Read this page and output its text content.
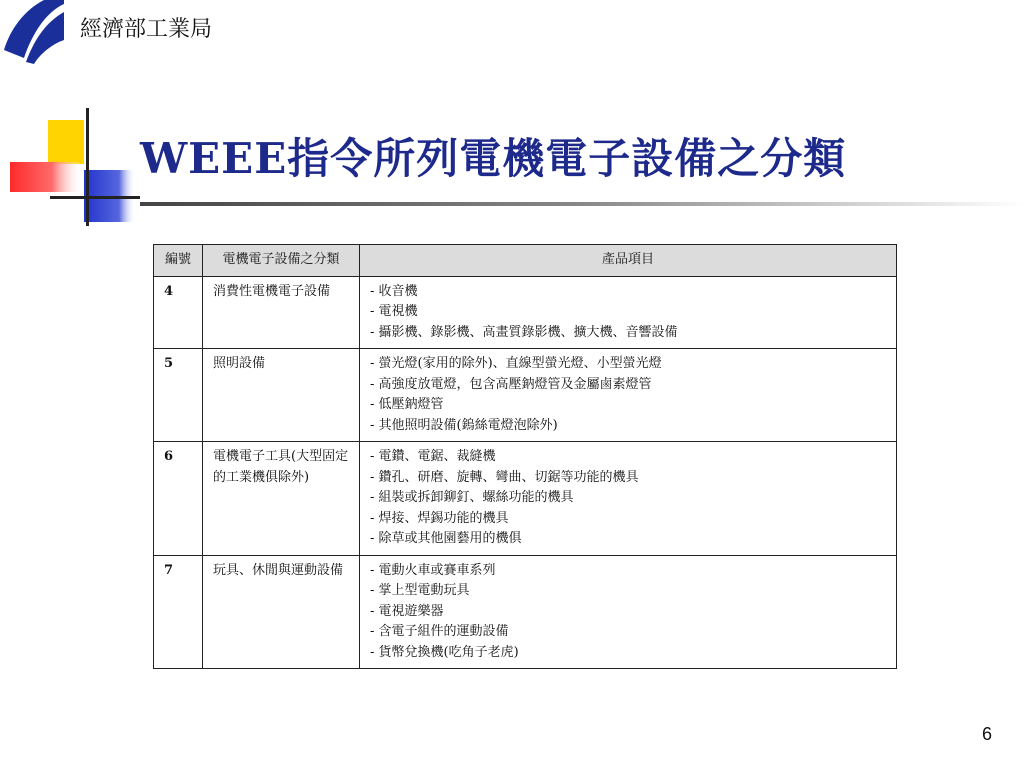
經濟部工業局
WEEE指令所列電機電子設備之分類
編號	電機電子設備之分類	產品項目
4	消費性電機電子設備	‐ 收音機
‐ 電視機
‐ 攝影機、錄影機、高畫質錄影機、擴大機、音響設備

5	照明設備	‐ 螢光燈(家用的除外)、直線型螢光燈、小型螢光燈
‐ 高強度放電燈，包含高壓鈉燈管及金屬鹵素燈管
‐ 低壓鈉燈管
‐ 其他照明設備(鎢絲電燈泡除外)

6	電機電子工具(大型固定的工業機俱除外)	‐ 電鑽、電鋸、裁縫機
‐ 鑽孔、研磨、旋轉、彎曲、切鋸等功能的機具
‐ 組裝或拆卸鉚釘、螺絲功能的機具
‐ 焊接、焊錫功能的機具
‐ 除草或其他園藝用的機俱

7	玩具、休閒與運動設備	‐ 電動火車或賽車系列
‐ 掌上型電動玩具
‐ 電視遊樂器
‐ 含電子組件的運動設備
‐ 貨幣兌換機(吃角子老虎)
6
